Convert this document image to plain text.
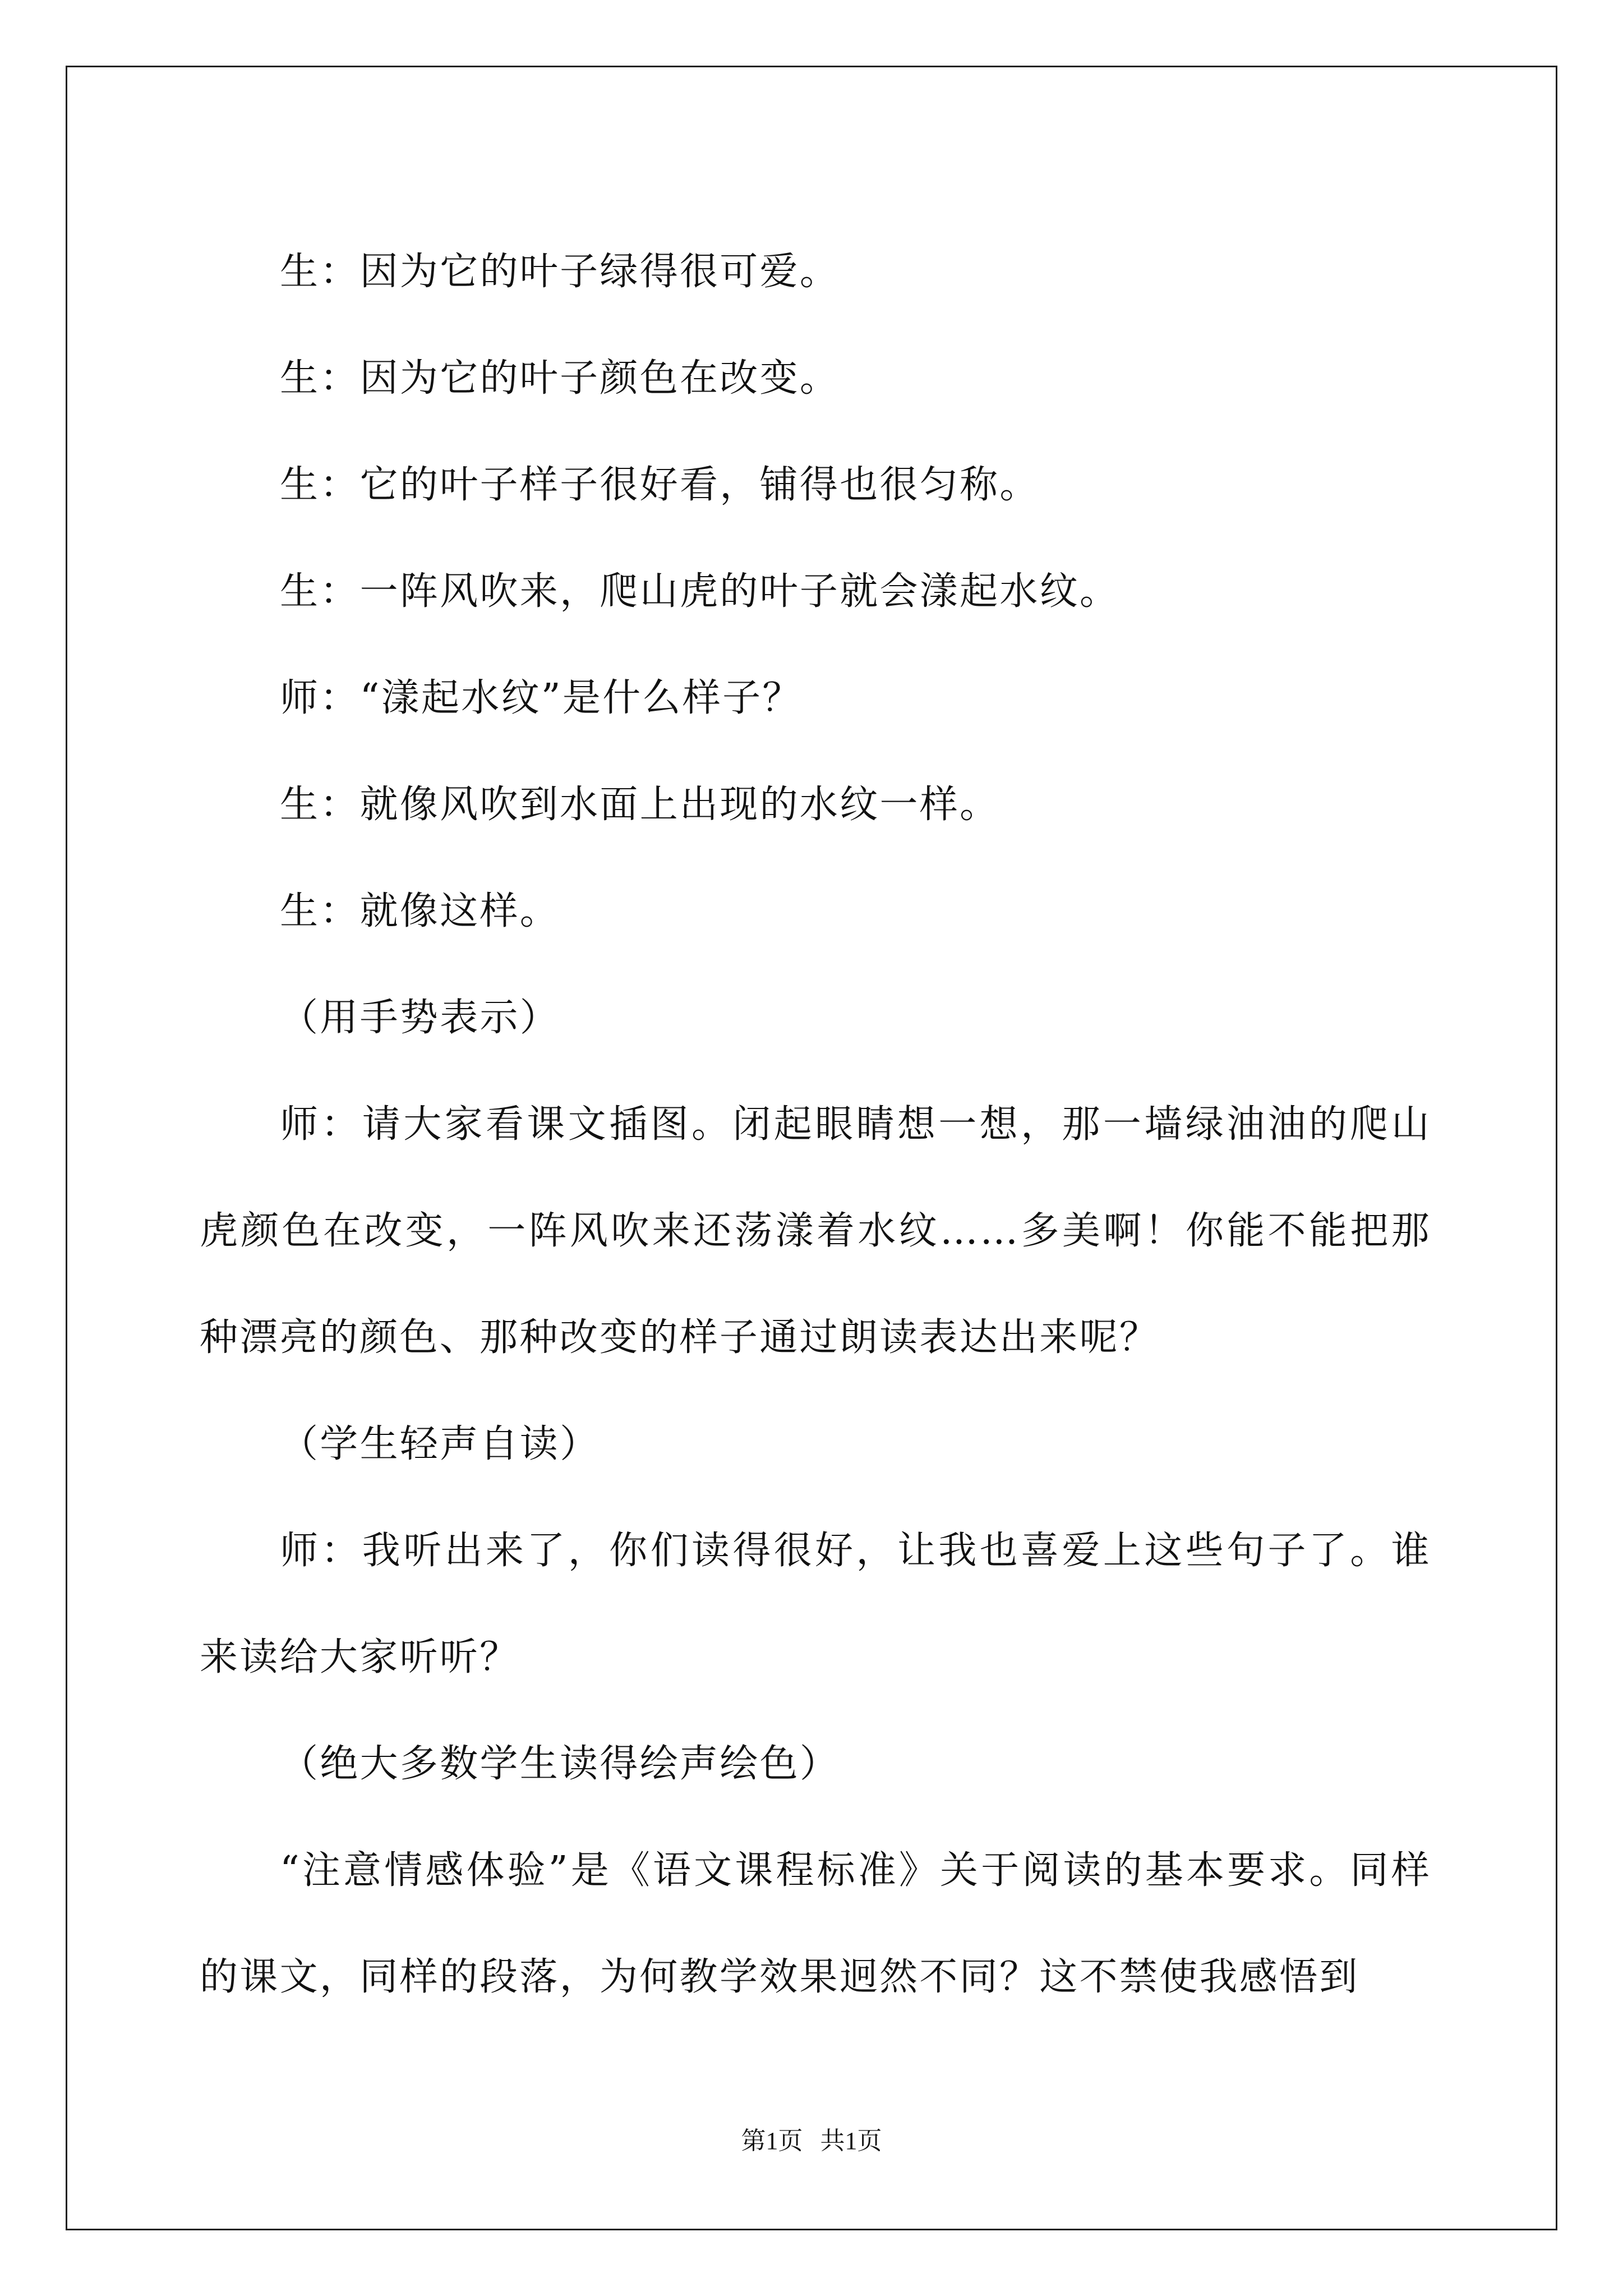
生：因为它的叶子绿得很可爱。

生：因为它的叶子颜色在改变。

生：它的叶子样子很好看，铺得也很匀称。

生：一阵风吹来，爬山虎的叶子就会漾起水纹。

师：“漾起水纹”是什么样子？

生：就像风吹到水面上出现的水纹一样。

生：就像这样。

（用手势表示）

师：请大家看课文插图。闭起眼睛想一想，那一墙绿油油的爬山虎颜色在改变，一阵风吹来还荡漾着水纹……多美啊！你能不能把那种漂亮的颜色、那种改变的样子通过朗读表达出来呢？

（学生轻声自读）

师：我听出来了，你们读得很好，让我也喜爱上这些句子了。谁来读给大家听听？

（绝大多数学生读得绘声绘色）

“注意情感体验”是《语文课程标准》关于阅读的基本要求。同样的课文，同样的段落，为何教学效果迥然不同？这不禁使我感悟到

第1页 共1页
